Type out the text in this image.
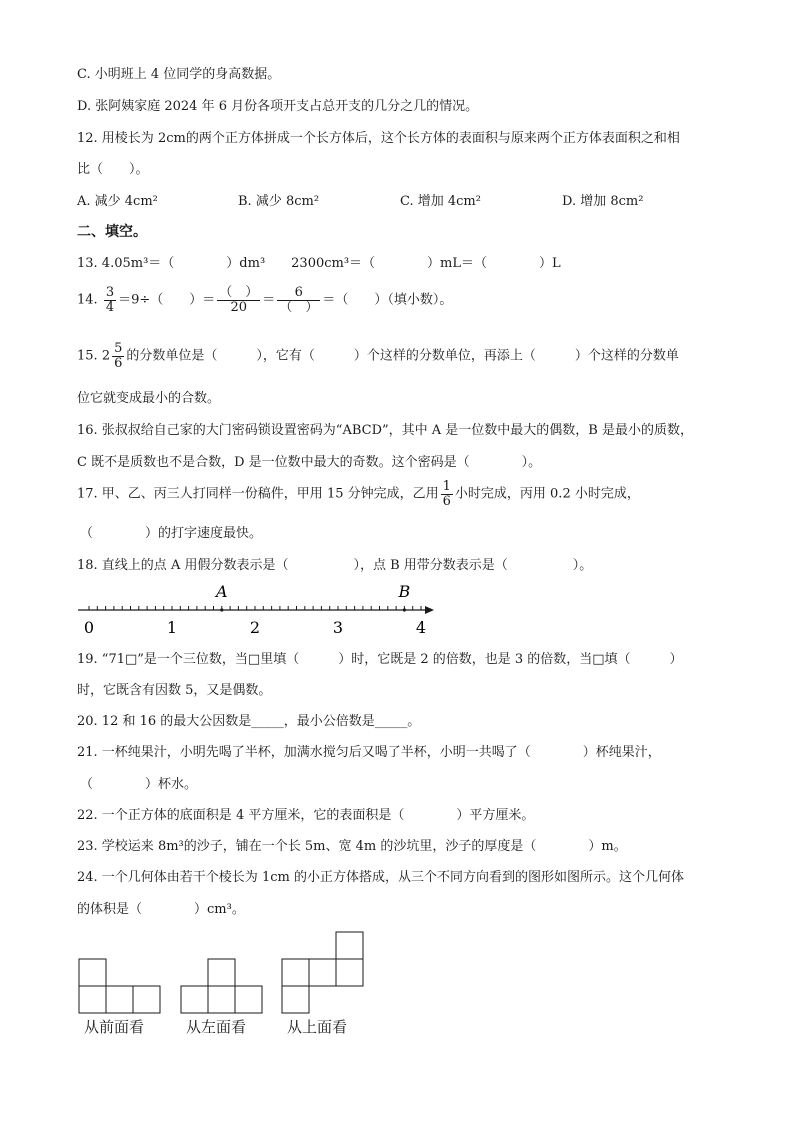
C. 小明班上 4 位同学的身高数据。
D. 张阿姨家庭 2024 年 6 月份各项开支占总开支的几分之几的情况。
12. 用棱长为 2cm的两个正方体拼成一个长方体后，这个长方体的表面积与原来两个正方体表面积之和相
比（　　）。
A. 减少 4cm²	B. 减少 8cm²	C. 增加 4cm²	D. 增加 8cm²
二、填空。
13. 4.05m³＝（　　　　）dm³　　2300cm³＝（　　　　）mL＝（　　　　）L
14. $\frac{3}{4} =9\div$（　　）＝ $\frac{( )}{20} = \frac{6}{( )}$ ＝（　　）（填小数）。
15. $2 \frac{5}{6}$ 的分数单位是（　　　），它有（　　　）个这样的分数单位，再添上（　　　）个这样的分数单
位它就变成最小的合数。
16. 张叔叔给自己家的大门密码锁设置密码为“ABCD”，其中 A 是一位数中最大的偶数，B 是最小的质数，
C 既不是质数也不是合数，D 是一位数中最大的奇数。这个密码是（　　　　）。
17. 甲、乙、丙三人打同样一份稿件，甲用 15 分钟完成，乙用 $\frac{1}{6}$ 小时完成，丙用 0.2 小时完成，
（　　　　）的打字速度最快。
18. 直线上的点 A 用假分数表示是（　　　　　），点 B 用带分数表示是（　　　　　）。
A	B
0	1	2	3	4
19. “71□”是一个三位数，当□里填（　　　）时，它既是 2 的倍数，也是 3 的倍数，当□填（　　　）
时，它既含有因数 5，又是偶数。
20. 12 和 16 的最大公因数是_____，最小公倍数是_____。
21. 一杯纯果汁，小明先喝了半杯，加满水搅匀后又喝了半杯，小明一共喝了（　　　　）杯纯果汁，
（　　　　）杯水。
22. 一个正方体的底面积是 4 平方厘米，它的表面积是（　　　　）平方厘米。
23. 学校运来 8m³的沙子，铺在一个长 5m、宽 4m 的沙坑里，沙子的厚度是（　　　　）m。
24. 一个几何体由若干个棱长为 1cm 的小正方体搭成，从三个不同方向看到的图形如图所示。这个几何体
的体积是（　　　　）cm³。
从前面看	从左面看	从上面看
